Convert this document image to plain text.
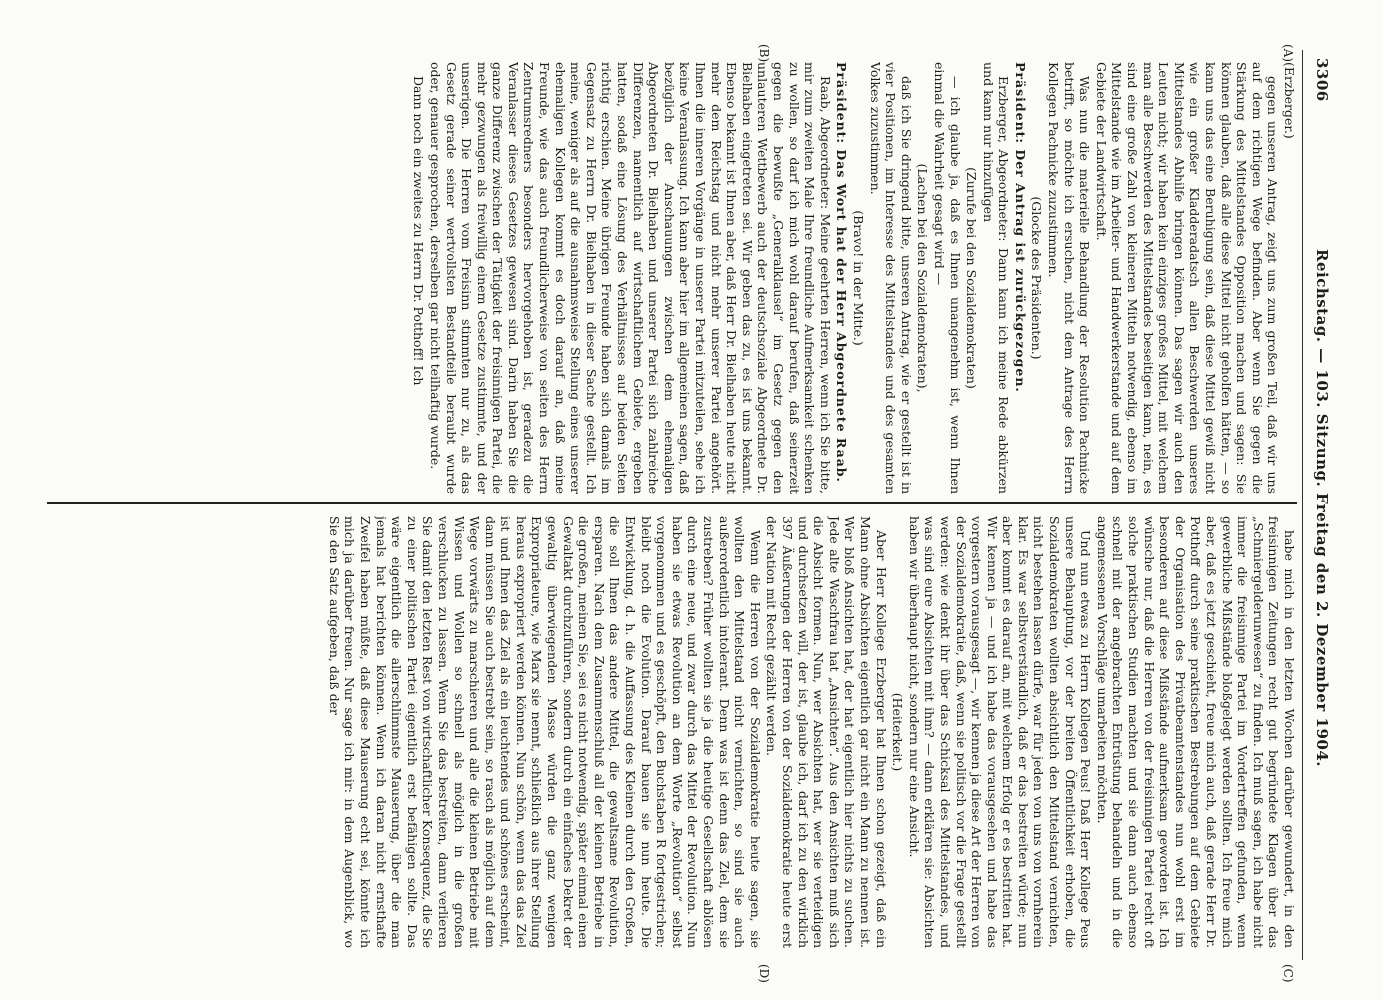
3306
Reichstag. — 103. Sitzung. Freitag den 2. Dezember 1904.
(A)
(B)
(C)
(D)

(Erzberger.)

gegen unseren Antrag, zeigt uns zum großen Teil, daß wir uns auf dem richtigen Wege befinden. Aber wenn Sie gegen die Stärkung des Mittelstandes Opposition machen und sagen: Sie können glauben, daß alle diese Mittel nicht geholfen hätten, — so kann uns das eine Beruhigung sein, daß diese Mittel gewiß nicht wie ein großer Kladderadatsch allen Beschwerden unseres Mittelstandes Abhilfe bringen können. Das sagen wir auch den Leuten nicht; wir haben kein einziges großes Mittel, mit welchem man alle Beschwerden des Mittelstandes beseitigen kann, nein, es sind eine große Zahl von kleineren Mitteln notwendig, ebenso im Mittelstande wie im Arbeiter- und Handwerkerstande und auf dem Gebiete der Landwirtschaft.

Was nun die materielle Behandlung der Resolution Pachnicke betrifft, so möchte ich ersuchen, nicht dem Antrage des Herrn Kollegen Pachnicke zuzustimmen.

(Glocke des Präsidenten.)

Präsident: Der Antrag ist zurückgezogen.

Erzberger, Abgeordneter: Dann kann ich meine Rede abkürzen und kann nur hinzufügen

(Zurufe bei den Sozialdemokraten)

— ich glaube ja, daß es Ihnen unangenehm ist, wenn Ihnen einmal die Wahrheit gesagt wird —

(Lachen bei den Sozialdemokraten),

daß ich Sie dringend bitte, unseren Antrag, wie er gestellt ist in vier Positionen, im Interesse des Mittelstandes und des gesamten Volkes zuzustimmen.

(Bravo! in der Mitte.)

Präsident: Das Wort hat der Herr Abgeordnete Raab.

Raab, Abgeordneter: Meine geehrten Herren, wenn ich Sie bitte, mir zum zweiten Male Ihre freundliche Aufmerksamkeit schenken zu wollen, so darf ich mich wohl darauf berufen, daß seinerzeit gegen die bewußte „Generalklausel“ im Gesetz gegen den unlauteren Wettbewerb auch der deutschsoziale Abgeordnete Dr. Bielhaben eingetreten sei. Wir geben das zu, es ist uns bekannt. Ebenso bekannt ist Ihnen aber, daß Herr Dr. Bielhaben heute nicht mehr dem Reichstag und nicht mehr unserer Partei angehört. Ihnen die inneren Vorgänge in unserer Partei mitzuteilen, sehe ich keine Veranlassung. Ich kann aber hier im allgemeinen sagen, daß bezüglich der Anschauungen zwischen dem ehemaligen Abgeordneten Dr. Bielhaben und unserer Partei sich zahlreiche Differenzen, namentlich auf wirtschaftlichem Gebiete, ergeben hatten, sodaß eine Lösung des Verhältnisses auf beiden Seiten richtig erschien. Meine übrigen Freunde haben sich damals im Gegensatz zu Herrn Dr. Bielhaben in dieser Sache gestellt. Ich meine, weniger als auf die ausnahmsweise Stellung eines unserer ehemaligen Kollegen kommt es doch darauf an, daß meine Freunde, wie das auch freundlicherweise von seiten des Herrn Zentrumsredners besonders hervorgehoben ist, geradezu die Veranlasser dieses Gesetzes gewesen sind. Darin haben Sie die ganze Differenz zwischen der Tätigkeit der freisinnigen Partei, die mehr gezwungen als freiwillig einem Gesetze zustimmte, und der unserigen. Die Herren vom Freisinn stimmten nur zu, als das Gesetz gerade seiner wertvollsten Bestandteile beraubt wurde oder, genauer gesprochen, derselben gar nicht teilhaftig wurde.

Dann noch ein zweites zu Herrn Dr. Potthoff! Ich

habe mich in den letzten Wochen darüber gewundert, in den freisinnigen Zeitungen recht gut begründete Klagen über das „Schmiergelderunwesen“ zu finden. Ich muß sagen, ich habe nicht immer die freisinnige Partei im Vordertreffen gefunden, wenn gewerbliche Mißstände bloßgelegt werden sollten. Ich freue mich aber, daß es jetzt geschieht, freue mich auch, daß gerade Herr Dr. Potthoff durch seine praktischen Bestrebungen auf dem Gebiete der Organisation des Privatbeamtenstandes nun wohl erst im besonderen auf diese Mißstände aufmerksam geworden ist. Ich wünsche nur, daß die Herren von der freisinnigen Partei recht oft solche praktischen Studien machten und sie dann auch ebenso schnell mit der angebrachten Entrüstung behandeln und in die angemessenen Vorschläge umarbeiten möchten.

Und nun etwas zu Herrn Kollegen Peus! Daß Herr Kollege Peus unsere Behauptung, vor der breiten Öffentlichkeit erhoben, die Sozialdemokraten wollten absichtlich den Mittelstand vernichten, nicht bestehen lassen dürfe, war für jeden von uns von vornherein klar. Es war selbstverständlich, daß er das bestreiten würde; nun aber kommt es darauf an, mit welchem Erfolg er es bestritten hat. Wir kennen ja — und ich habe das vorausgesehen und habe das vorgestern vorausgesagt —, wir kennen ja diese Art der Herren von der Sozialdemokratie, daß, wenn sie politisch vor die Frage gestellt werden: wie denkt ihr über das Schicksal des Mittelstandes, und was sind eure Absichten mit ihm? — dann erklären sie: Absichten haben wir überhaupt nicht, sondern nur eine Ansicht.

(Heiterkeit.)

Aber Herr Kollege Erzberger hat Ihnen schon gezeigt, daß ein Mann ohne Absichten eigentlich gar nicht ein Mann zu nennen ist. Wer bloß Ansichten hat, der hat eigentlich hier nichts zu suchen. Jede alte Waschfrau hat „Ansichten“. Aus den Ansichten muß sich die Absicht formen. Nun, wer Absichten hat, wer sie verteidigen und durchsetzen will, der ist, glaube ich, darf ich zu den wirklich 397 Äußerungen der Herren von der Sozialdemokratie heute erst der Nation mit Recht gezählt werden.

Wenn die Herren von der Sozialdemokratie heute sagen, sie wollten den Mittelstand nicht vernichten, so sind sie auch außerordentlich intolerant. Denn was ist denn das Ziel, dem sie zustreben? Früher wollten sie ja die heutige Gesellschaft ablösen durch eine neue, und zwar durch das Mittel der Revolution. Nun haben sie etwas Revolution an dem Worte „Revolution“ selbst vorgenommen und es geschöpft, den Buchstaben R fortgestrichen; bleibt noch die Evolution. Darauf bauen sie nun heute. Die Entwicklung, d. h. die Auffassung des Kleinen durch den Großen, die soll Ihnen das andere Mittel, die gewaltsame Revolution, ersparen. Nach dem Zusammenschluß all der kleinen Betriebe in die großen, meinen Sie, sei es nicht notwendig, später einmal einen Gewaltakt durchzuführen, sondern durch ein einfaches Dekret der gewaltig überwiegenden Masse würden die ganz wenigen Expropriateure, wie Marx sie nennt, schließlich aus ihrer Stellung heraus expropriert werden können. Nun schön, wenn das das Ziel ist und Ihnen das Ziel als ein leuchtendes und schönes erscheint, dann müssen Sie auch bestrebt sein, so rasch als möglich auf dem Wege vorwärts zu marschieren und alle die kleinen Betriebe mit Wissen und Wollen so schnell als möglich in die großen verschlucken zu lassen. Wenn Sie das bestreiten, dann verlieren Sie damit den letzten Rest von wirtschaftlicher Konsequenz, die Sie zu einer politischen Partei eigentlich erst befähigen sollte. Das wäre eigentlich die allerschlimmste Mauserung, über die man jemals hat berichten können. Wenn ich daran nicht ernsthafte Zweifel haben müßte, daß diese Mauserung echt sei, könnte ich mich ja darüber freuen. Nur sage ich mir: in dem Augenblick, wo Sie den Satz aufgeben, daß der
